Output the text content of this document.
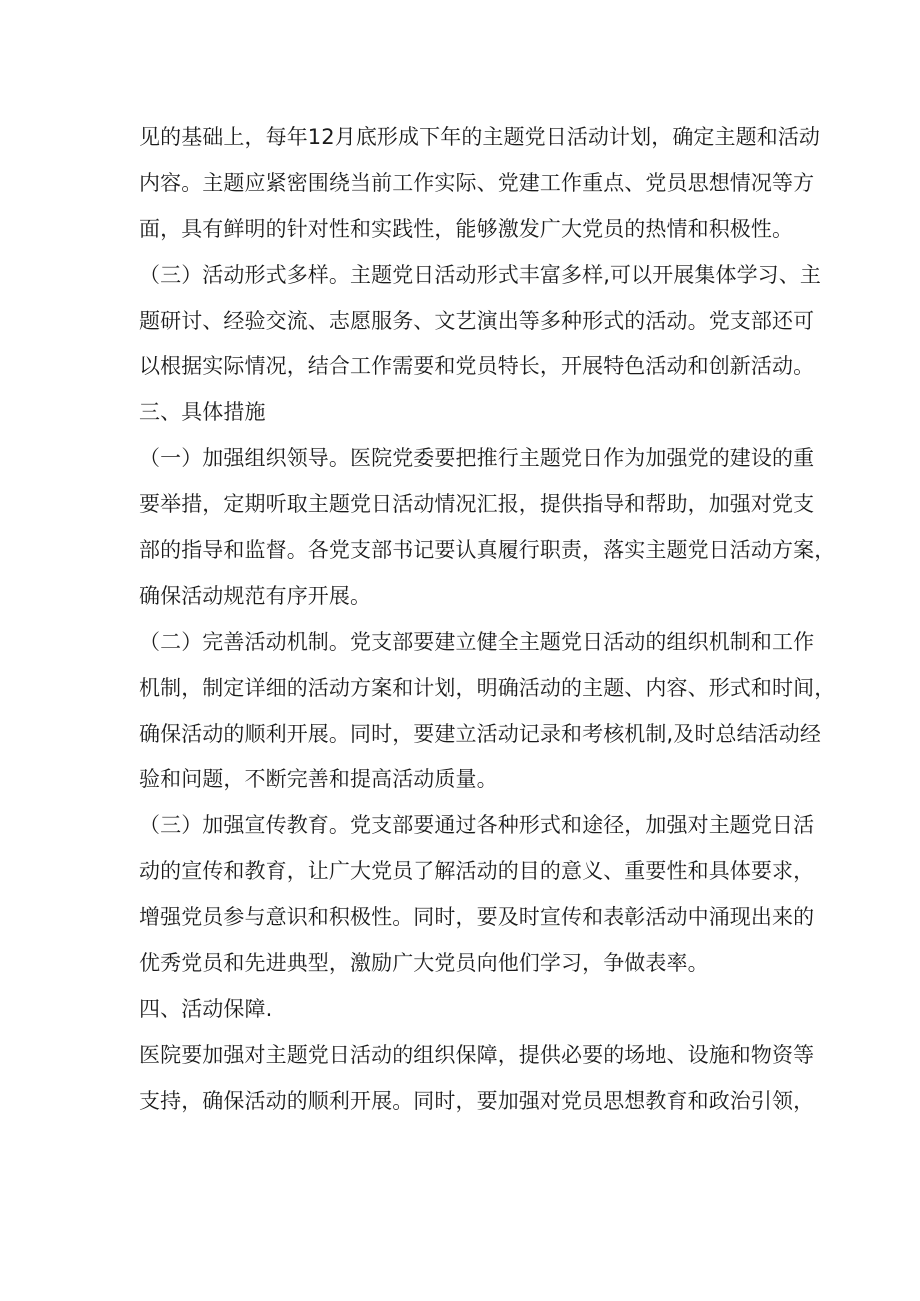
见的基础上，每年12月底形成下年的主题党日活动计划，确定主题和活动
内容。主题应紧密围绕当前工作实际、党建工作重点、党员思想情况等方
面，具有鲜明的针对性和实践性，能够激发广大党员的热情和积极性。
（三）活动形式多样。主题党日活动形式丰富多样,可以开展集体学习、主
题研讨、经验交流、志愿服务、文艺演出等多种形式的活动。党支部还可
以根据实际情况，结合工作需要和党员特长，开展特色活动和创新活动。
三、具体措施
（一）加强组织领导。医院党委要把推行主题党日作为加强党的建设的重
要举措，定期听取主题党日活动情况汇报，提供指导和帮助，加强对党支
部的指导和监督。各党支部书记要认真履行职责，落实主题党日活动方案，
确保活动规范有序开展。
（二）完善活动机制。党支部要建立健全主题党日活动的组织机制和工作
机制，制定详细的活动方案和计划，明确活动的主题、内容、形式和时间，
确保活动的顺利开展。同时，要建立活动记录和考核机制,及时总结活动经
验和问题，不断完善和提高活动质量。
（三）加强宣传教育。党支部要通过各种形式和途径，加强对主题党日活
动的宣传和教育，让广大党员了解活动的目的意义、重要性和具体要求，
增强党员参与意识和积极性。同时，要及时宣传和表彰活动中涌现出来的
优秀党员和先进典型，激励广大党员向他们学习，争做表率。
四、活动保障.
医院要加强对主题党日活动的组织保障，提供必要的场地、设施和物资等
支持，确保活动的顺利开展。同时，要加强对党员思想教育和政治引领，
